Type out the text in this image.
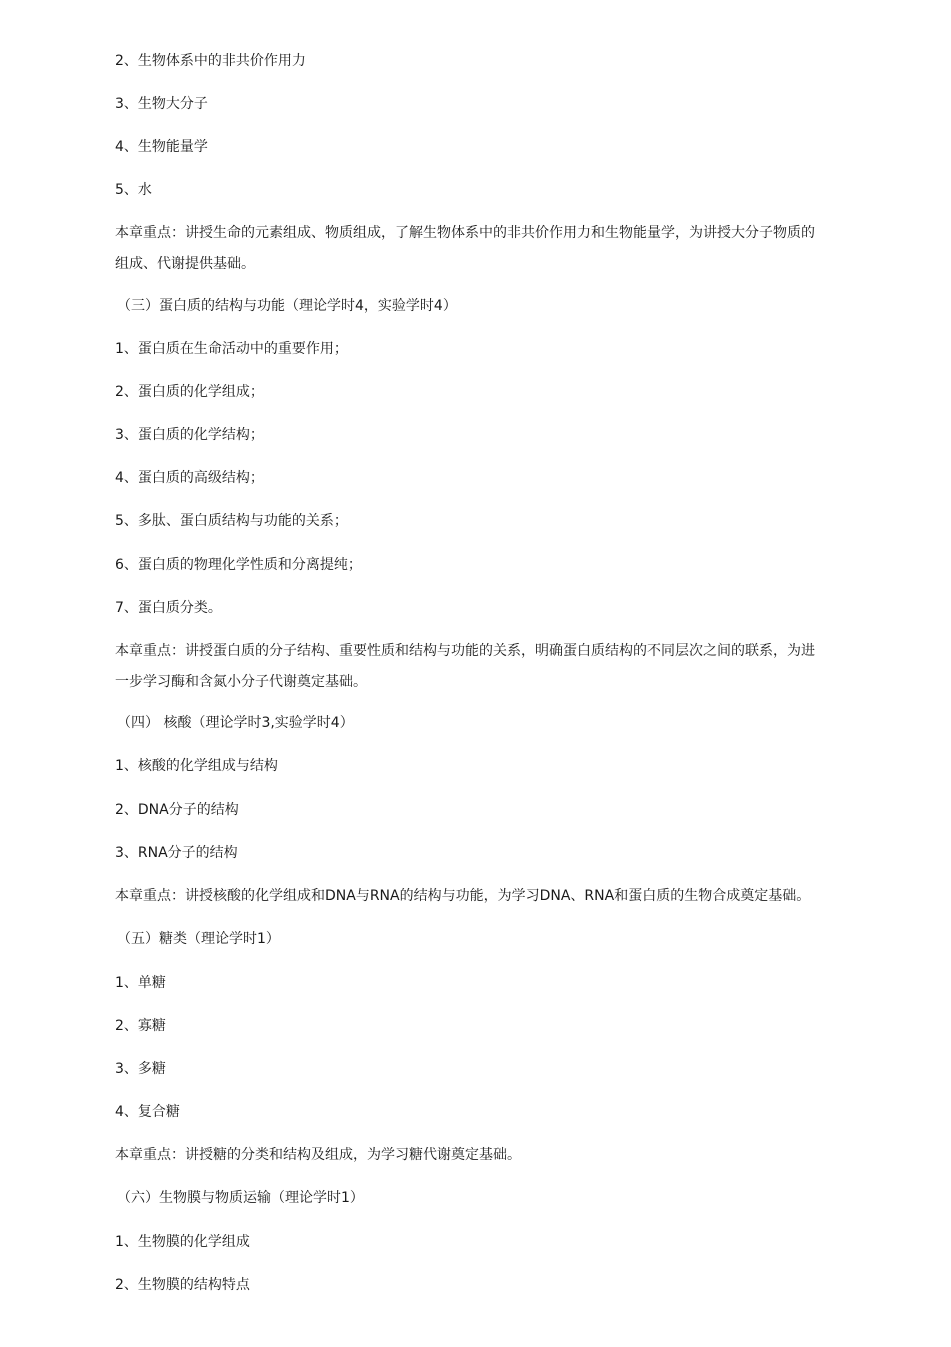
2、生物体系中的非共价作用力
3、生物大分子
4、生物能量学
5、水
本章重点：讲授生命的元素组成、物质组成，了解生物体系中的非共价作用力和生物能量学，为讲授大分子物质的
组成、代谢提供基础。
（三）蛋白质的结构与功能（理论学时4，实验学时4）
1、蛋白质在生命活动中的重要作用；
2、蛋白质的化学组成；
3、蛋白质的化学结构；
4、蛋白质的高级结构；
5、多肽、蛋白质结构与功能的关系；
6、蛋白质的物理化学性质和分离提纯；
7、蛋白质分类。
本章重点：讲授蛋白质的分子结构、重要性质和结构与功能的关系，明确蛋白质结构的不同层次之间的联系，为进
一步学习酶和含氮小分子代谢奠定基础。
（四） 核酸（理论学时3,实验学时4）
1、核酸的化学组成与结构
2、DNA分子的结构
3、RNA分子的结构
本章重点：讲授核酸的化学组成和DNA与RNA的结构与功能，为学习DNA、RNA和蛋白质的生物合成奠定基础。
（五）糖类（理论学时1）
1、单糖
2、寡糖
3、多糖
4、复合糖
本章重点：讲授糖的分类和结构及组成，为学习糖代谢奠定基础。
（六）生物膜与物质运输（理论学时1）
1、生物膜的化学组成
2、生物膜的结构特点
